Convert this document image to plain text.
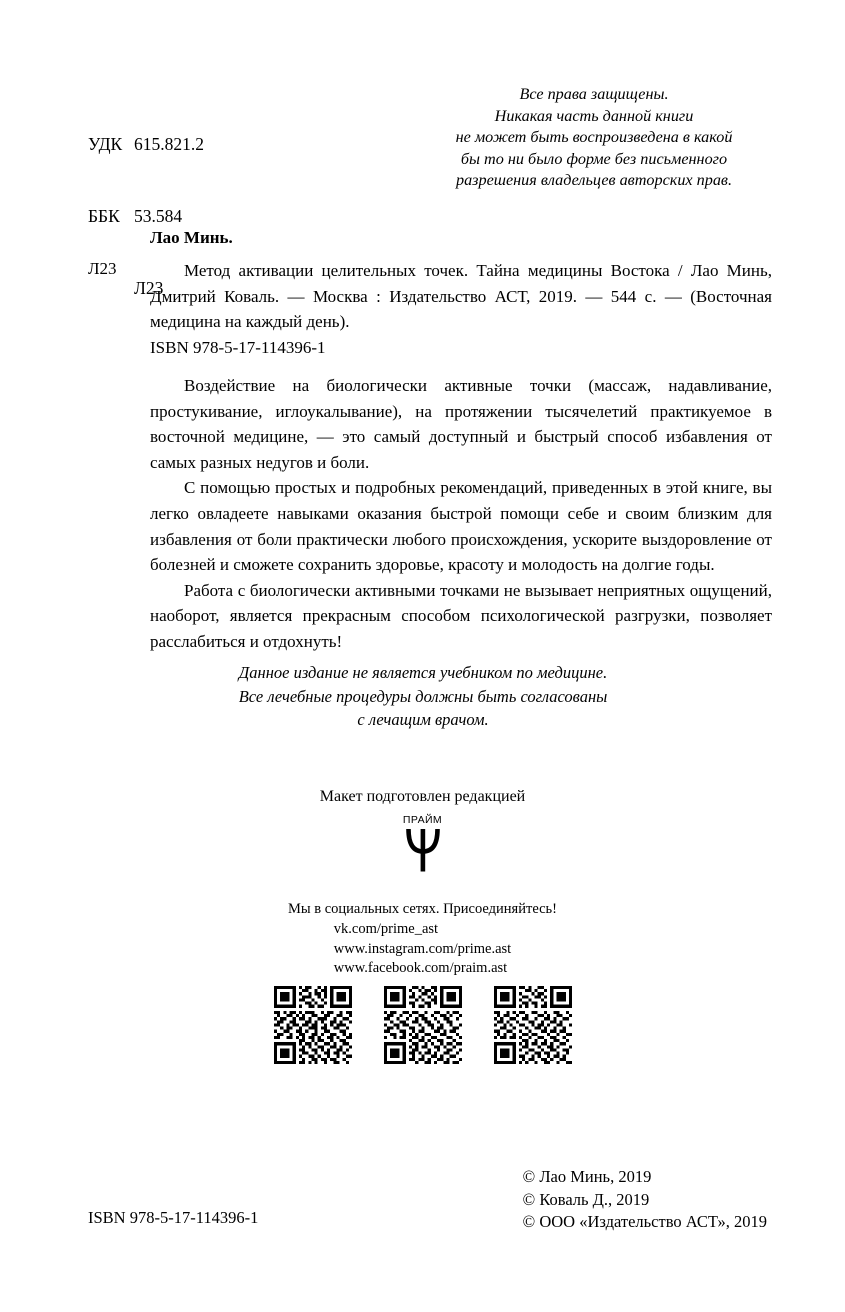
УДК 615.821.2

ББК 53.584

Л23

Все права защищены.
Никакая часть данной книги
не может быть воспроизведена в какой
бы то ни было форме без письменного
разрешения владельцев авторских прав.
Лао Минь.
Л23	Метод активации целительных точек. Тайна медицины Востока / Лао Минь, Дмитрий Коваль. — Москва : Издательство АСТ, 2019. — 544 с. — (Восточная медицина на каждый день).
ISBN 978-5-17-114396-1

Воздействие на биологически активные точки (массаж, надавливание, простукивание, иглоукалывание), на протяжении тысячелетий практикуемое в восточной медицине, — это самый доступный и быстрый способ избавления от самых разных недугов и боли.

С помощью простых и подробных рекомендаций, приведенных в этой книге, вы легко овладеете навыками оказания быстрой помощи себе и своим близким для избавления от боли практически любого происхождения, ускорите выздоровление от болезней и сможете сохранить здоровье, красоту и молодость на долгие годы.

Работа с биологически активными точками не вызывает неприятных ощущений, наоборот, является прекрасным способом психологической разгрузки, позволяет расслабиться и отдохнуть!

Данное издание не является учебником по медицине.
Все лечебные процедуры должны быть согласованы
с лечащим врачом.
Макет подготовлен редакцией
ПРАЙМ
Мы в социальных сетях. Присоединяйтесь!
vk.com/prime_ast
www.instagram.com/prime.ast
www.facebook.com/praim.ast
ISBN 978-5-17-114396-1
© Лао Минь, 2019
© Коваль Д., 2019
© ООО «Издательство АСТ», 2019
